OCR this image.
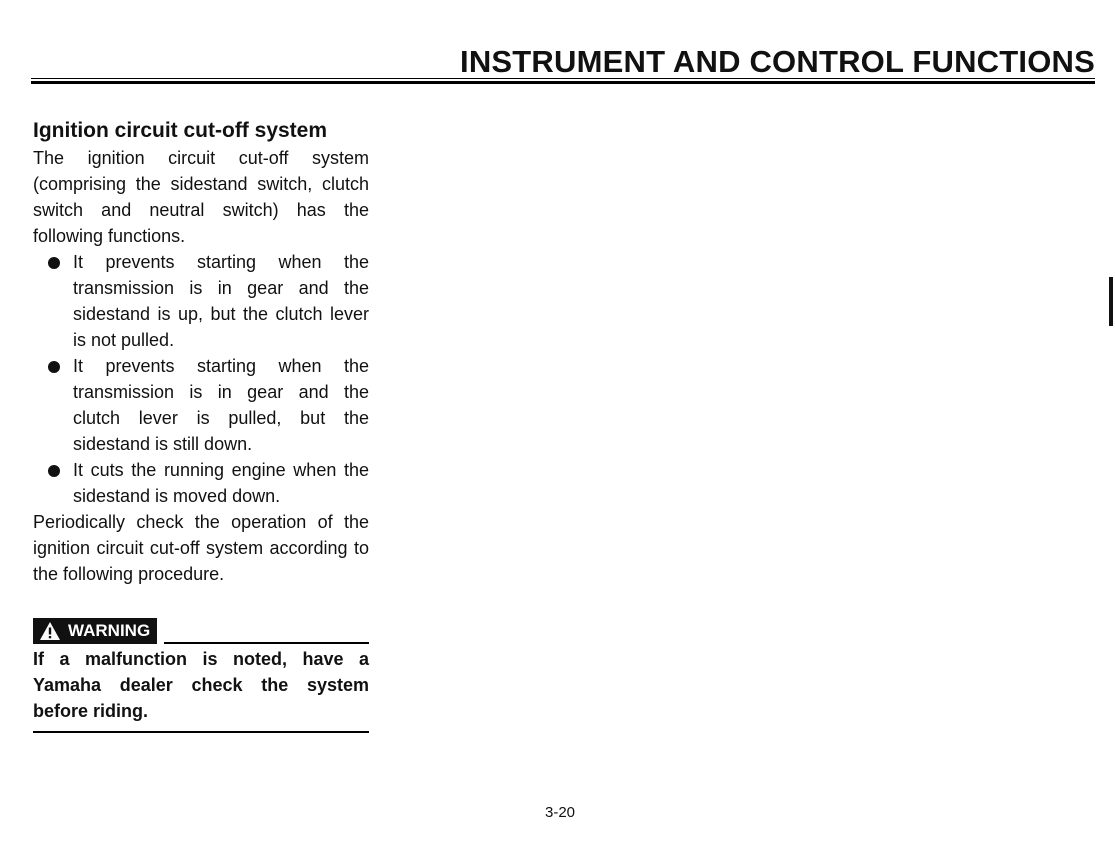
INSTRUMENT AND CONTROL FUNCTIONS
Ignition circuit cut-off system

The ignition circuit cut-off system (comprising the sidestand switch, clutch switch and neutral switch) has the following functions.

It prevents starting when the transmission is in gear and the sidestand is up, but the clutch lever is not pulled.
It prevents starting when the transmission is in gear and the clutch lever is pulled, but the sidestand is still down.
It cuts the running engine when the sidestand is moved down.

Periodically check the operation of the ignition circuit cut-off system according to the following procedure.

WARNING

If a malfunction is noted, have a Yamaha dealer check the system
before riding.

3-20
